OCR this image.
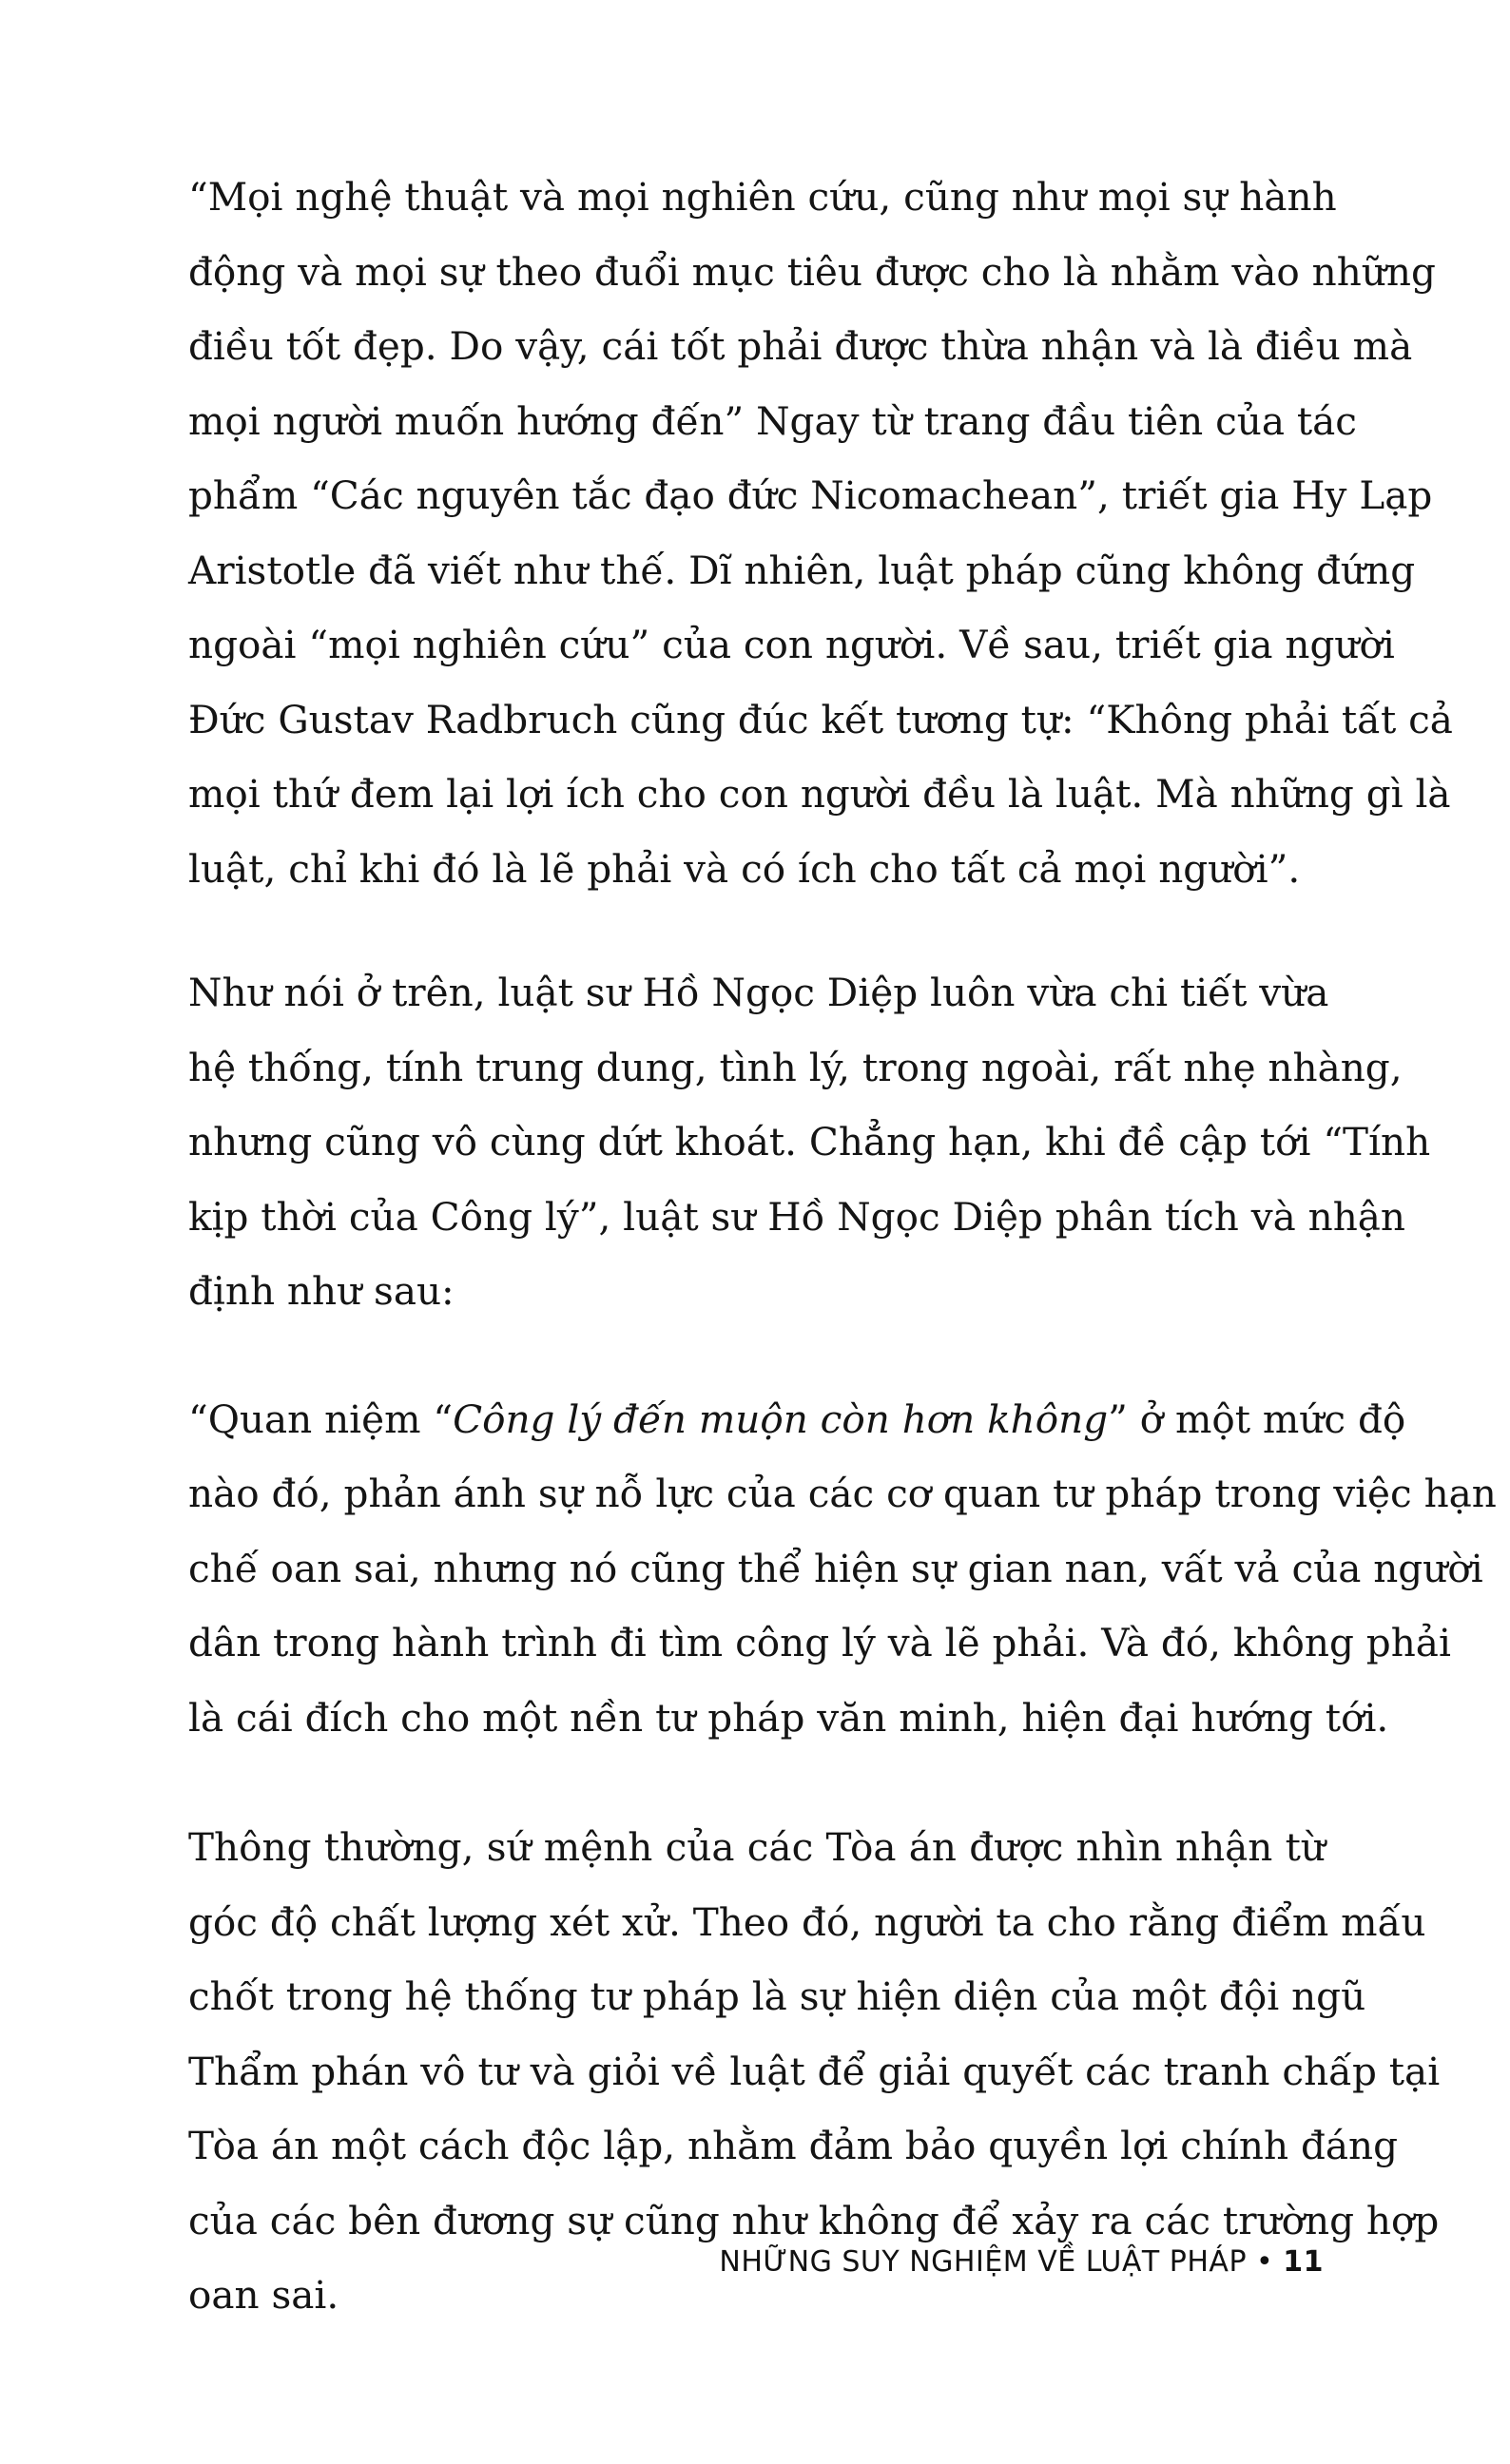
“Mọi nghệ thuật và mọi nghiên cứu, cũng như mọi sự hành
động và mọi sự theo đuổi mục tiêu được cho là nhằm vào những
điều tốt đẹp. Do vậy, cái tốt phải được thừa nhận và là điều mà
mọi người muốn hướng đến” Ngay từ trang đầu tiên của tác
phẩm “Các nguyên tắc đạo đức Nicomachean”, triết gia Hy Lạp
Aristotle đã viết như thế. Dĩ nhiên, luật pháp cũng không đứng
ngoài “mọi nghiên cứu” của con người. Về sau, triết gia người
Đức Gustav Radbruch cũng đúc kết tương tự: “Không phải tất cả
mọi thứ đem lại lợi ích cho con người đều là luật. Mà những gì là
luật, chỉ khi đó là lẽ phải và có ích cho tất cả mọi người”.

Như nói ở trên, luật sư Hồ Ngọc Diệp luôn vừa chi tiết vừa
hệ thống, tính trung dung, tình lý, trong ngoài, rất nhẹ nhàng,
nhưng cũng vô cùng dứt khoát. Chẳng hạn, khi đề cập tới “Tính
kịp thời của Công lý”, luật sư Hồ Ngọc Diệp phân tích và nhận
định như sau:

“Quan niệm “Công lý đến muộn còn hơn không” ở một mức độ
nào đó, phản ánh sự nỗ lực của các cơ quan tư pháp trong việc hạn
chế oan sai, nhưng nó cũng thể hiện sự gian nan, vất vả của người
dân trong hành trình đi tìm công lý và lẽ phải. Và đó, không phải
là cái đích cho một nền tư pháp văn minh, hiện đại hướng tới.

Thông thường, sứ mệnh của các Tòa án được nhìn nhận từ
góc độ chất lượng xét xử. Theo đó, người ta cho rằng điểm mấu
chốt trong hệ thống tư pháp là sự hiện diện của một đội ngũ
Thẩm phán vô tư và giỏi về luật để giải quyết các tranh chấp tại
Tòa án một cách độc lập, nhằm đảm bảo quyền lợi chính đáng
của các bên đương sự cũng như không để xảy ra các trường hợp
oan sai.

NHỮNG SUY NGHIỆM VỀ LUẬT PHÁP • 11
